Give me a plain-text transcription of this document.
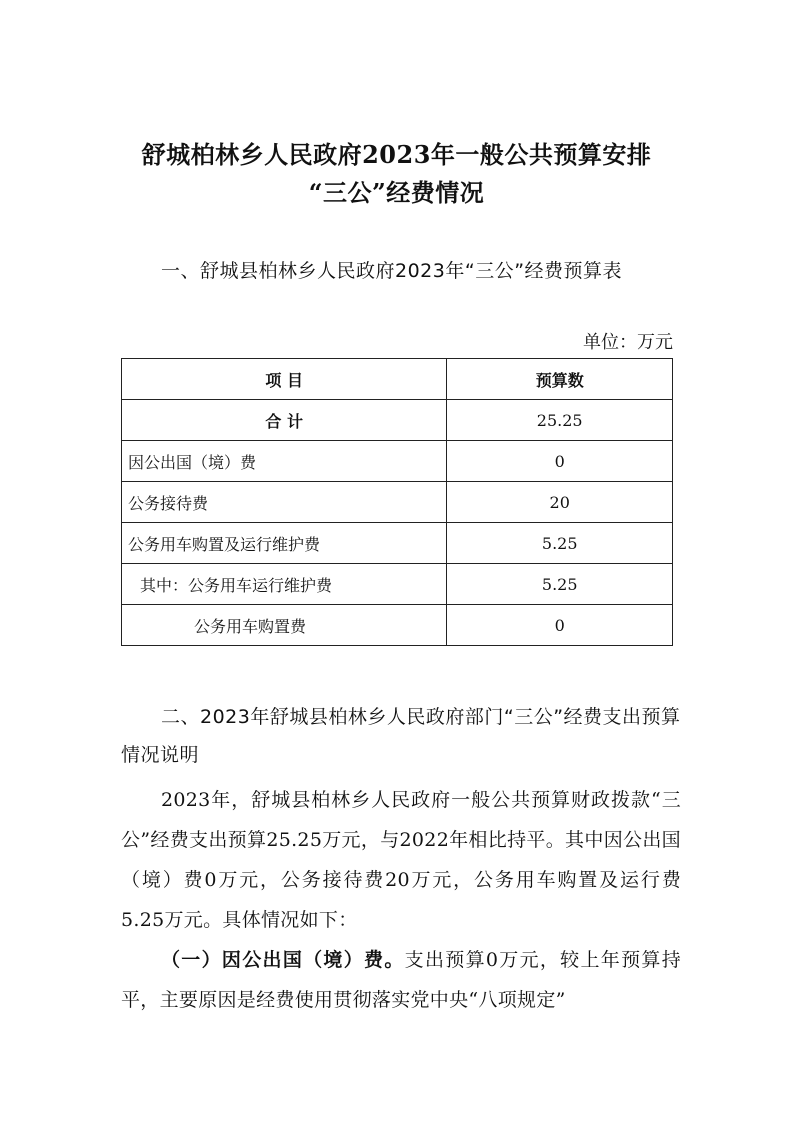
舒城柏林乡人民政府2023年一般公共预算安排
“三公”经费情况
一、舒城县柏林乡人民政府2023年“三公”经费预算表
单位：万元
项 目	预算数
合 计	25.25
因公出国（境）费	0
公务接待费	20
公务用车购置及运行维护费	5.25
其中：公务用车运行维护费	5.25
公务用车购置费	0
二、2023年舒城县柏林乡人民政府部门“三公”经费支出预算情况说明
2023年，舒城县柏林乡人民政府一般公共预算财政拨款“三公”经费支出预算25.25万元，与2022年相比持平。其中因公出国（境）费0万元，公务接待费20万元，公务用车购置及运行费5.25万元。具体情况如下：
（一）因公出国（境）费。支出预算0万元，较上年预算持平，主要原因是经费使用贯彻落实党中央“八项规定”
